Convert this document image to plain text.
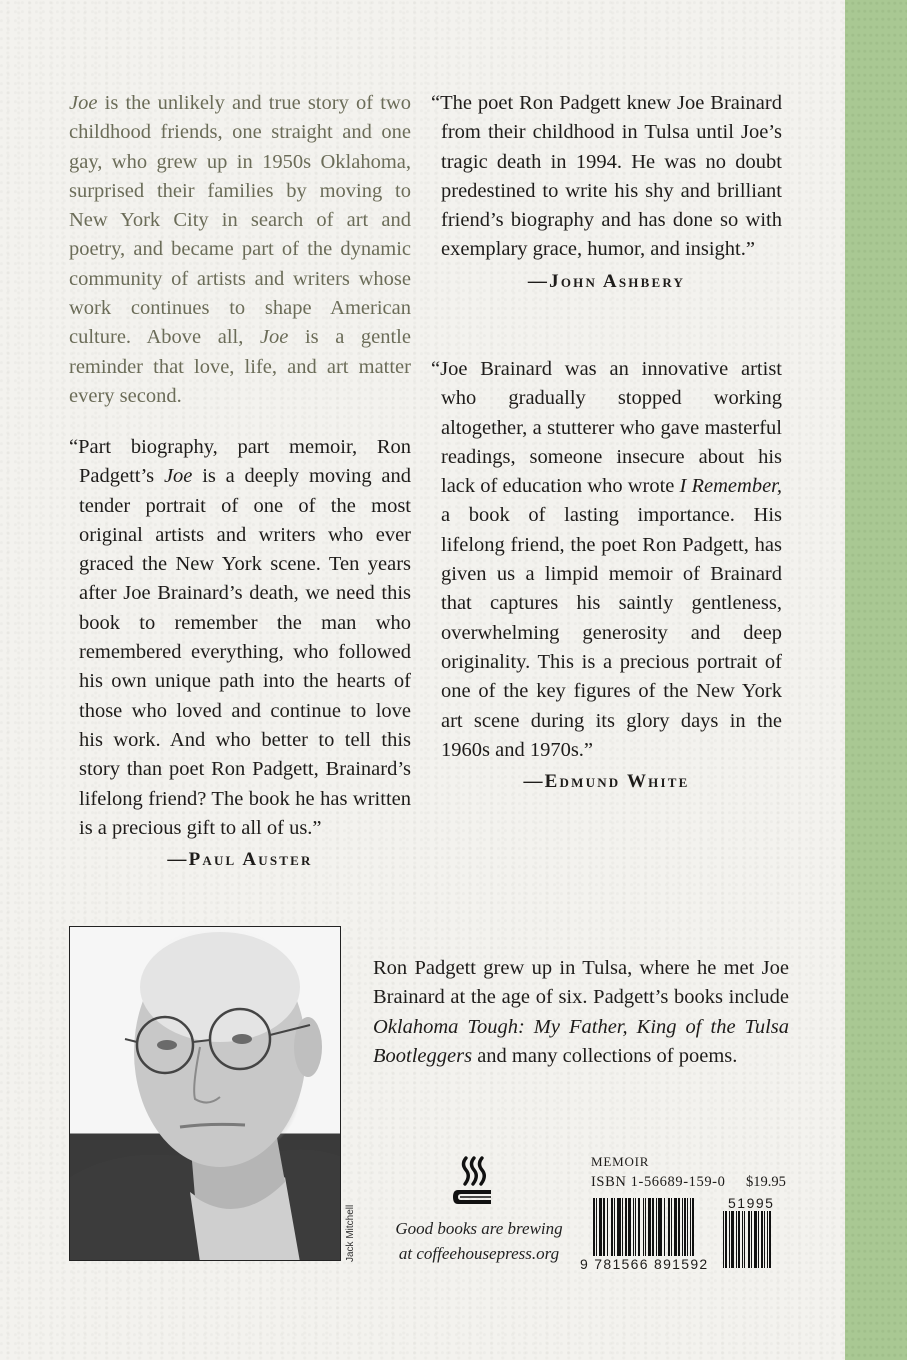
Joe is the unlikely and true story of two childhood friends, one straight and one gay, who grew up in 1950s Oklahoma, surprised their families by moving to New York City in search of art and poetry, and became part of the dynamic community of artists and writers whose work continues to shape American culture. Above all, Joe is a gentle reminder that love, life, and art matter every second.

“Part biography, part memoir, Ron Padgett’s Joe is a deeply moving and tender portrait of one of the most original artists and writers who ever graced the New York scene. Ten years after Joe Brainard’s death, we need this book to remember the man who remembered everything, who followed his own unique path into the hearts of those who loved and continue to love his work. And who better to tell this story than poet Ron Padgett, Brainard’s lifelong friend? The book he has written is a precious gift to all of us.”

—Paul Auster

“The poet Ron Padgett knew Joe Brainard from their childhood in Tulsa until Joe’s tragic death in 1994. He was no doubt predestined to write his shy and brilliant friend’s biography and has done so with exemplary grace, humor, and insight.”

—John Ashbery

“Joe Brainard was an innovative artist who gradually stopped working altogether, a stutterer who gave masterful readings, someone insecure about his lack of education who wrote I Remember, a book of lasting importance. His lifelong friend, the poet Ron Padgett, has given us a limpid memoir of Brainard that captures his saintly gentleness, overwhelming generosity and deep originality. This is a precious portrait of one of the key figures of the New York art scene during its glory days in the 1960s and 1970s.”

—Edmund White
Jack Mitchell

Ron Padgett grew up in Tulsa, where he met Joe Brainard at the age of six. Padgett’s books include Oklahoma Tough: My Father, King of the Tulsa Bootleggers and many collections of poems.

Good books are brewing
at coffeehousepress.org
MEMOIR
ISBN 1-56689-159-0 $19.95
9 781566 891592
51995
